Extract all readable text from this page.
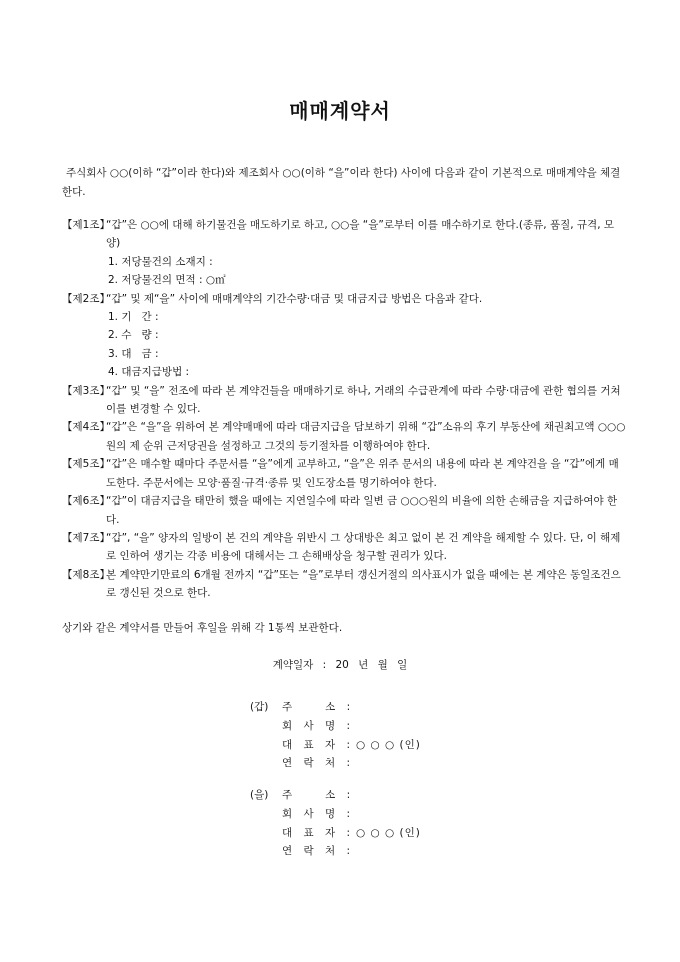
매매계약서
주식회사 ○○(이하 “갑”이라 한다)와 제조회사 ○○(이하 “을”이라 한다) 사이에 다음과 같이 기본적으로 매매계약을 체결한다.
【제1조】
“갑”은 ○○에 대해 하기물건을 매도하기로 하고, ○○을 “을”로부터 이를 매수하기로 한다.(종류, 품질, 규격, 모양)
1. 저당물건의 소재지 :
2. 저당물건의 면적 : ○㎡
【제2조】
“갑” 및 제“을” 사이에 매매계약의 기간수량·대금 및 대금지급 방법은 다음과 같다.
1. 기   간 :
2. 수   량 :
3. 대   금 :
4. 대금지급방법 :
【제3조】
“갑” 및 “을” 전조에 따라 본 계약건들을 매매하기로 하나, 거래의 수급관계에 따라 수량·대금에 관한 협의를 거쳐 이를 변경할 수 있다.
【제4조】
“갑”은 “을”을 위하여 본 계약매매에 따라 대금지급을 담보하기 위해 “갑”소유의 후기 부동산에 채권최고액 ○○○원의 제 순위 근저당권을 설정하고 그것의 등기절차를 이행하여야 한다.
【제5조】
“갑”은 매수할 때마다 주문서를 “을”에게 교부하고, “을”은 위주 문서의 내용에 따라 본 계약건을 을 “갑”에게 매도한다. 주문서에는 모양·품질·규격·종류 및 인도장소를 명기하여야 한다.
【제6조】
“갑”이 대금지급을 태만히 했을 때에는 지연일수에 따라 일변 금 ○○○원의 비율에 의한 손해금을 지급하여야 한다.
【제7조】
“갑”, “을” 양자의 일방이 본 건의 계약을 위반시 그 상대방은 최고 없이 본 건 계약을 해제할 수 있다. 단, 이 해제로 인하여 생기는 각종 비용에 대해서는 그 손해배상을 청구할 권리가 있다.
【제8조】
본 계약만기만료의 6개월 전까지 “갑”또는 “을”로부터 갱신거절의 의사표시가 없을 때에는 본 계약은 동일조건으로 갱신된 것으로 한다.
상기와 같은 계약서를 만들어 후일을 위해 각 1통씩 보관한다.
계약일자 : 20 년 월 일
(갑)	주　　소 :
회 사 명 :
대 표 자 : ○ ○ ○ (인)
연 락 처 :
(을)	주　　소 :
회 사 명 :
대 표 자 : ○ ○ ○ (인)
연 락 처 :
